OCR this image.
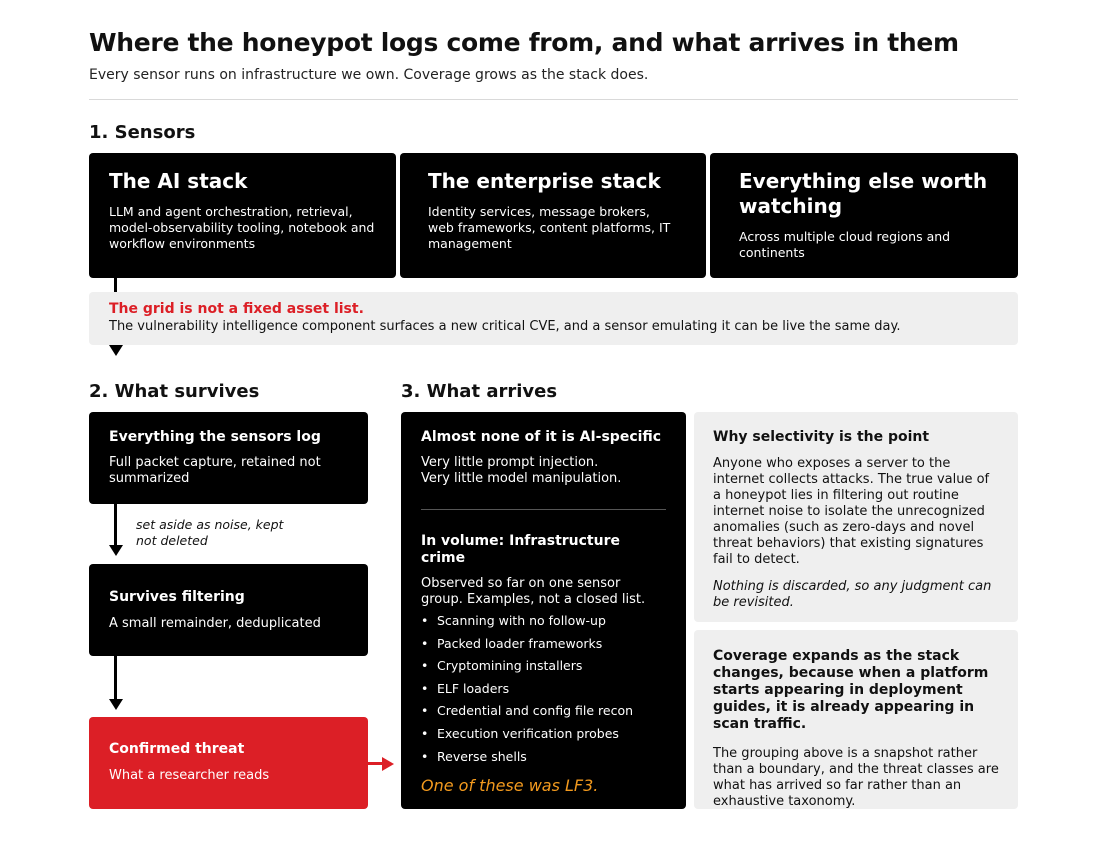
Where the honeypot logs come from, and what arrives in them
Every sensor runs on infrastructure we own. Coverage grows as the stack does.
1. Sensors
The AI stack
LLM and agent orchestration, retrieval, model-observability tooling, notebook and workflow environments
The enterprise stack
Identity services, message brokers, web frameworks, content platforms, IT management
Everything else worth watching
Across multiple cloud regions and continents
The grid is not a fixed asset list.
The vulnerability intelligence component surfaces a new critical CVE, and a sensor emulating it can be live the same day.
2. What survives
Everything the sensors log
Full packet capture, retained not summarized
set aside as noise, kept not deleted
Survives filtering
A small remainder, deduplicated
Confirmed threat
What a researcher reads
3. What arrives
Almost none of it is AI-specific
Very little prompt injection. Very little model manipulation.
In volume: Infrastructure crime
Observed so far on one sensor group. Examples, not a closed list.
• Scanning with no follow-up
• Packed loader frameworks
• Cryptomining installers
• ELF loaders
• Credential and config file recon
• Execution verification probes
• Reverse shells
One of these was LF3.
Why selectivity is the point
Anyone who exposes a server to the internet collects attacks. The true value of a honeypot lies in filtering out routine internet noise to isolate the unrecognized anomalies (such as zero-days and novel threat behaviors) that existing signatures fail to detect.
Nothing is discarded, so any judgment can be revisited.
Coverage expands as the stack changes, because when a platform starts appearing in deployment guides, it is already appearing in scan traffic.
The grouping above is a snapshot rather than a boundary, and the threat classes are what has arrived so far rather than an exhaustive taxonomy.
